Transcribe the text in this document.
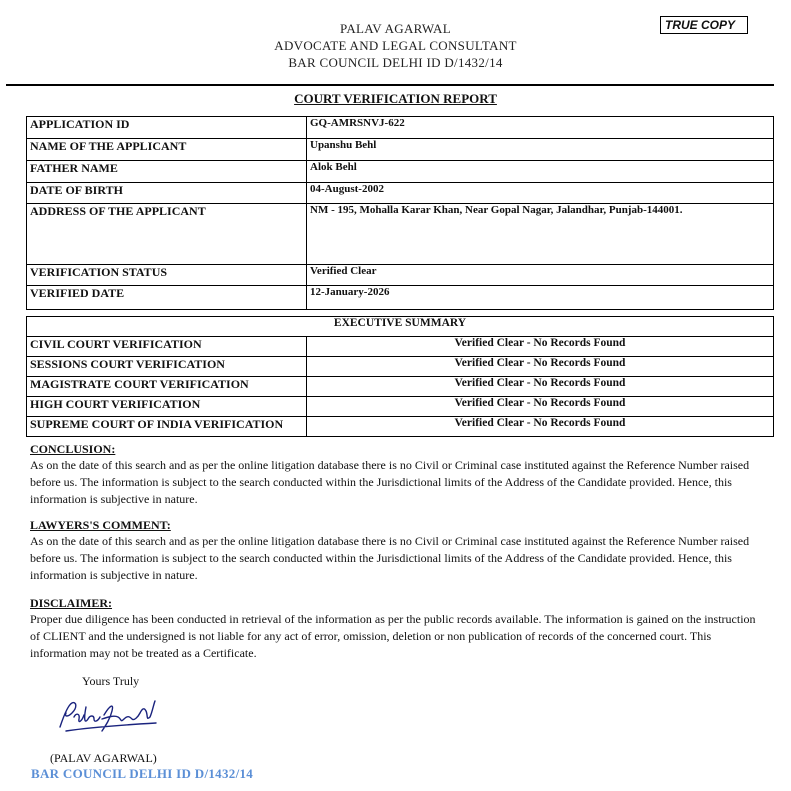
PALAV AGARWAL
ADVOCATE AND LEGAL CONSULTANT
BAR COUNCIL DELHI ID D/1432/14
TRUE COPY
COURT VERIFICATION REPORT
APPLICATION ID	GQ-AMRSNVJ-622
NAME OF THE APPLICANT	Upanshu Behl
FATHER NAME	Alok Behl
DATE OF BIRTH	04-August-2002
ADDRESS OF THE APPLICANT	NM - 195, Mohalla Karar Khan, Near Gopal Nagar, Jalandhar, Punjab-144001.
VERIFICATION STATUS	Verified Clear
VERIFIED DATE	12-January-2026
EXECUTIVE SUMMARY	
CIVIL COURT VERIFICATION	Verified Clear - No Records Found
SESSIONS COURT VERIFICATION	Verified Clear - No Records Found
MAGISTRATE COURT VERIFICATION	Verified Clear - No Records Found
HIGH COURT VERIFICATION	Verified Clear - No Records Found
SUPREME COURT OF INDIA VERIFICATION	Verified Clear - No Records Found
CONCLUSION:
As on the date of this search and as per the online litigation database there is no Civil or Criminal case instituted against the Reference Number raised before us. The information is subject to the search conducted within the Jurisdictional limits of the Address of the Candidate provided. Hence, this information is subjective in nature.
LAWYERS'S COMMENT:
As on the date of this search and as per the online litigation database there is no Civil or Criminal case instituted against the Reference Number raised before us. The information is subject to the search conducted within the Jurisdictional limits of the Address of the Candidate provided. Hence, this information is subjective in nature.
DISCLAIMER:
Proper due diligence has been conducted in retrieval of the information as per the public records available. The information is gained on the instruction of CLIENT and the undersigned is not liable for any act of error, omission, deletion or non publication of records of the concerned court. This information may not be treated as a Certificate.
Yours Truly
(PALAV AGARWAL)
BAR COUNCIL DELHI ID D/1432/14
